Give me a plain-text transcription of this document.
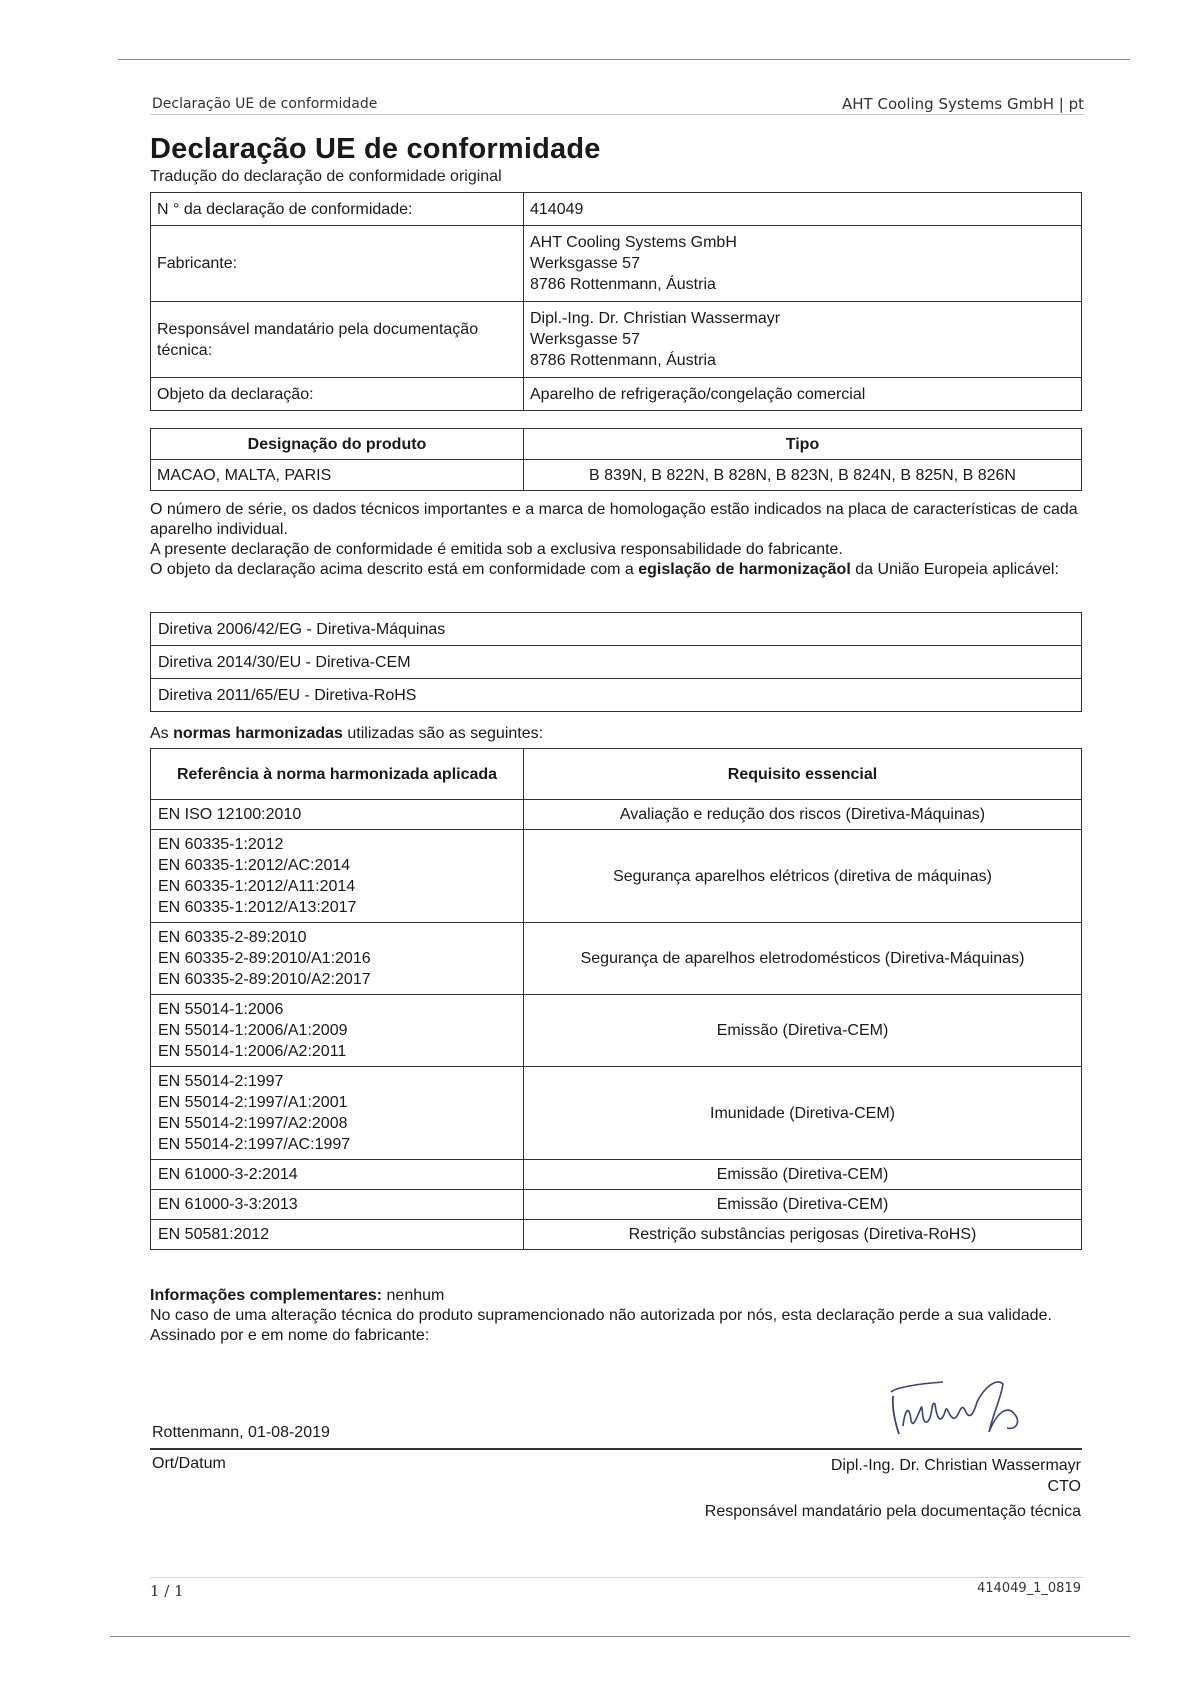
Declaração UE de conformidade	AHT Cooling Systems GmbH | pt
Declaração UE de conformidade
Tradução do declaração de conformidade original
N ° da declaração de conformidade:	414049
Fabricante:	AHT Cooling Systems GmbH
Werksgasse 57
8786 Rottenmann, Áustria

Responsável mandatário pela documentação técnica:	Dipl.-Ing. Dr. Christian Wassermayr
Werksgasse 57
8786 Rottenmann, Áustria

Objeto da declaração:	Aparelho de refrigeração/congelação comercial
Designação do produto	Tipo
MACAO, MALTA, PARIS	B 839N, B 822N, B 828N, B 823N, B 824N, B 825N, B 826N
O número de série, os dados técnicos importantes e a marca de homologação estão indicados na placa de características de cada aparelho individual.
A presente declaração de conformidade é emitida sob a exclusiva responsabilidade do fabricante.
O objeto da declaração acima descrito está em conformidade com a egislação de harmonizaçãol da União Europeia aplicável:
Diretiva 2006/42/EG - Diretiva-Máquinas
Diretiva 2014/30/EU - Diretiva-CEM
Diretiva 2011/65/EU - Diretiva-RoHS
As normas harmonizadas utilizadas são as seguintes:
Referência à norma harmonizada aplicada	Requisito essencial

EN ISO 12100:2010	Avaliação e redução dos riscos (Diretiva-Máquinas)

EN 60335-1:2012
EN 60335-1:2012/AC:2014
EN 60335-1:2012/A11:2014
EN 60335-1:2012/A13:2017	Segurança aparelhos elétricos (diretiva de máquinas)

EN 60335-2-89:2010
EN 60335-2-89:2010/A1:2016
EN 60335-2-89:2010/A2:2017	Segurança de aparelhos eletrodomésticos (Diretiva-Máquinas)

EN 55014-1:2006
EN 55014-1:2006/A1:2009
EN 55014-1:2006/A2:2011	Emissão (Diretiva-CEM)

EN 55014-2:1997
EN 55014-2:1997/A1:2001
EN 55014-2:1997/A2:2008
EN 55014-2:1997/AC:1997	Imunidade (Diretiva-CEM)

EN 61000-3-2:2014	Emissão (Diretiva-CEM)

EN 61000-3-3:2013	Emissão (Diretiva-CEM)

EN 50581:2012	Restrição substâncias perigosas (Diretiva-RoHS)
Informações complementares: nenhum
No caso de uma alteração técnica do produto supramencionado não autorizada por nós, esta declaração perde a sua validade.
Assinado por e em nome do fabricante:
Rottenmann, 01-08-2019
Ort/Datum	Dipl.-Ing. Dr. Christian Wassermayr
CTO
Responsável mandatário pela documentação técnica
1 / 1	414049_1_0819
